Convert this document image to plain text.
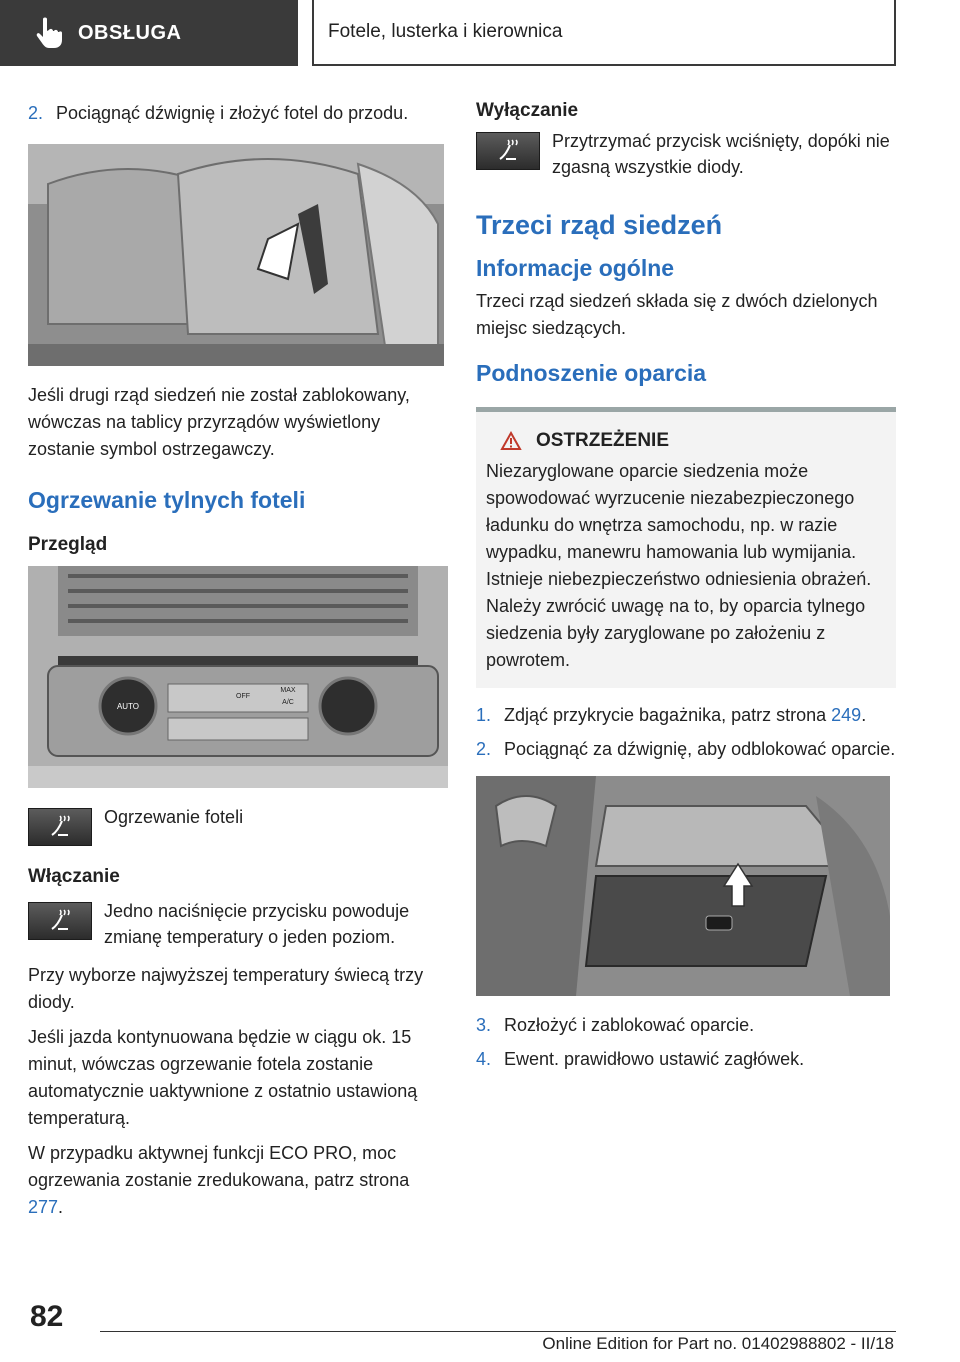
OBSŁUGA	Fotele, lusterka i kierownica
2. Pociągnąć dźwignię i złożyć fotel do przodu.
Jeśli drugi rząd siedzeń nie został zablokowany, wówczas na tablicy przyrządów wyświetlony zostanie symbol ostrzegawczy.
Ogrzewanie tylnych foteli
Przegląd
AUTO
OFF
MAX
A/C
Ogrzewanie foteli
Włączanie
Jedno naciśnięcie przycisku powoduje zmianę temperatury o jeden poziom.
Przy wyborze najwyższej temperatury świecą trzy diody.
Jeśli jazda kontynuowana będzie w ciągu ok. 15 minut, wówczas ogrzewanie fotela zostanie automatycznie uaktywnione z ostatnio ustawioną temperaturą.
W przypadku aktywnej funkcji ECO PRO, moc ogrzewania zostanie zredukowana, patrz strona 277.
Wyłączanie
Przytrzymać przycisk wciśnięty, dopóki nie zgasną wszystkie diody.
Trzeci rząd siedzeń
Informacje ogólne
Trzeci rząd siedzeń składa się z dwóch dzielonych miejsc siedzących.
Podnoszenie oparcia
OSTRZEŻENIE
Niezaryglowane oparcie siedzenia może spowodować wyrzucenie niezabezpieczonego ładunku do wnętrza samochodu, np. w razie wypadku, manewru hamowania lub wymijania. Istnieje niebezpieczeństwo odniesienia obrażeń. Należy zwrócić uwagę na to, by oparcia tylnego siedzenia były zaryglowane po założeniu z powrotem.
1. Zdjąć przykrycie bagażnika, patrz strona 249.
2. Pociągnąć za dźwignię, aby odblokować oparcie.
3. Rozłożyć i zablokować oparcie.
4. Ewent. prawidłowo ustawić zagłówek.
82
Online Edition for Part no. 01402988802 - II/18
